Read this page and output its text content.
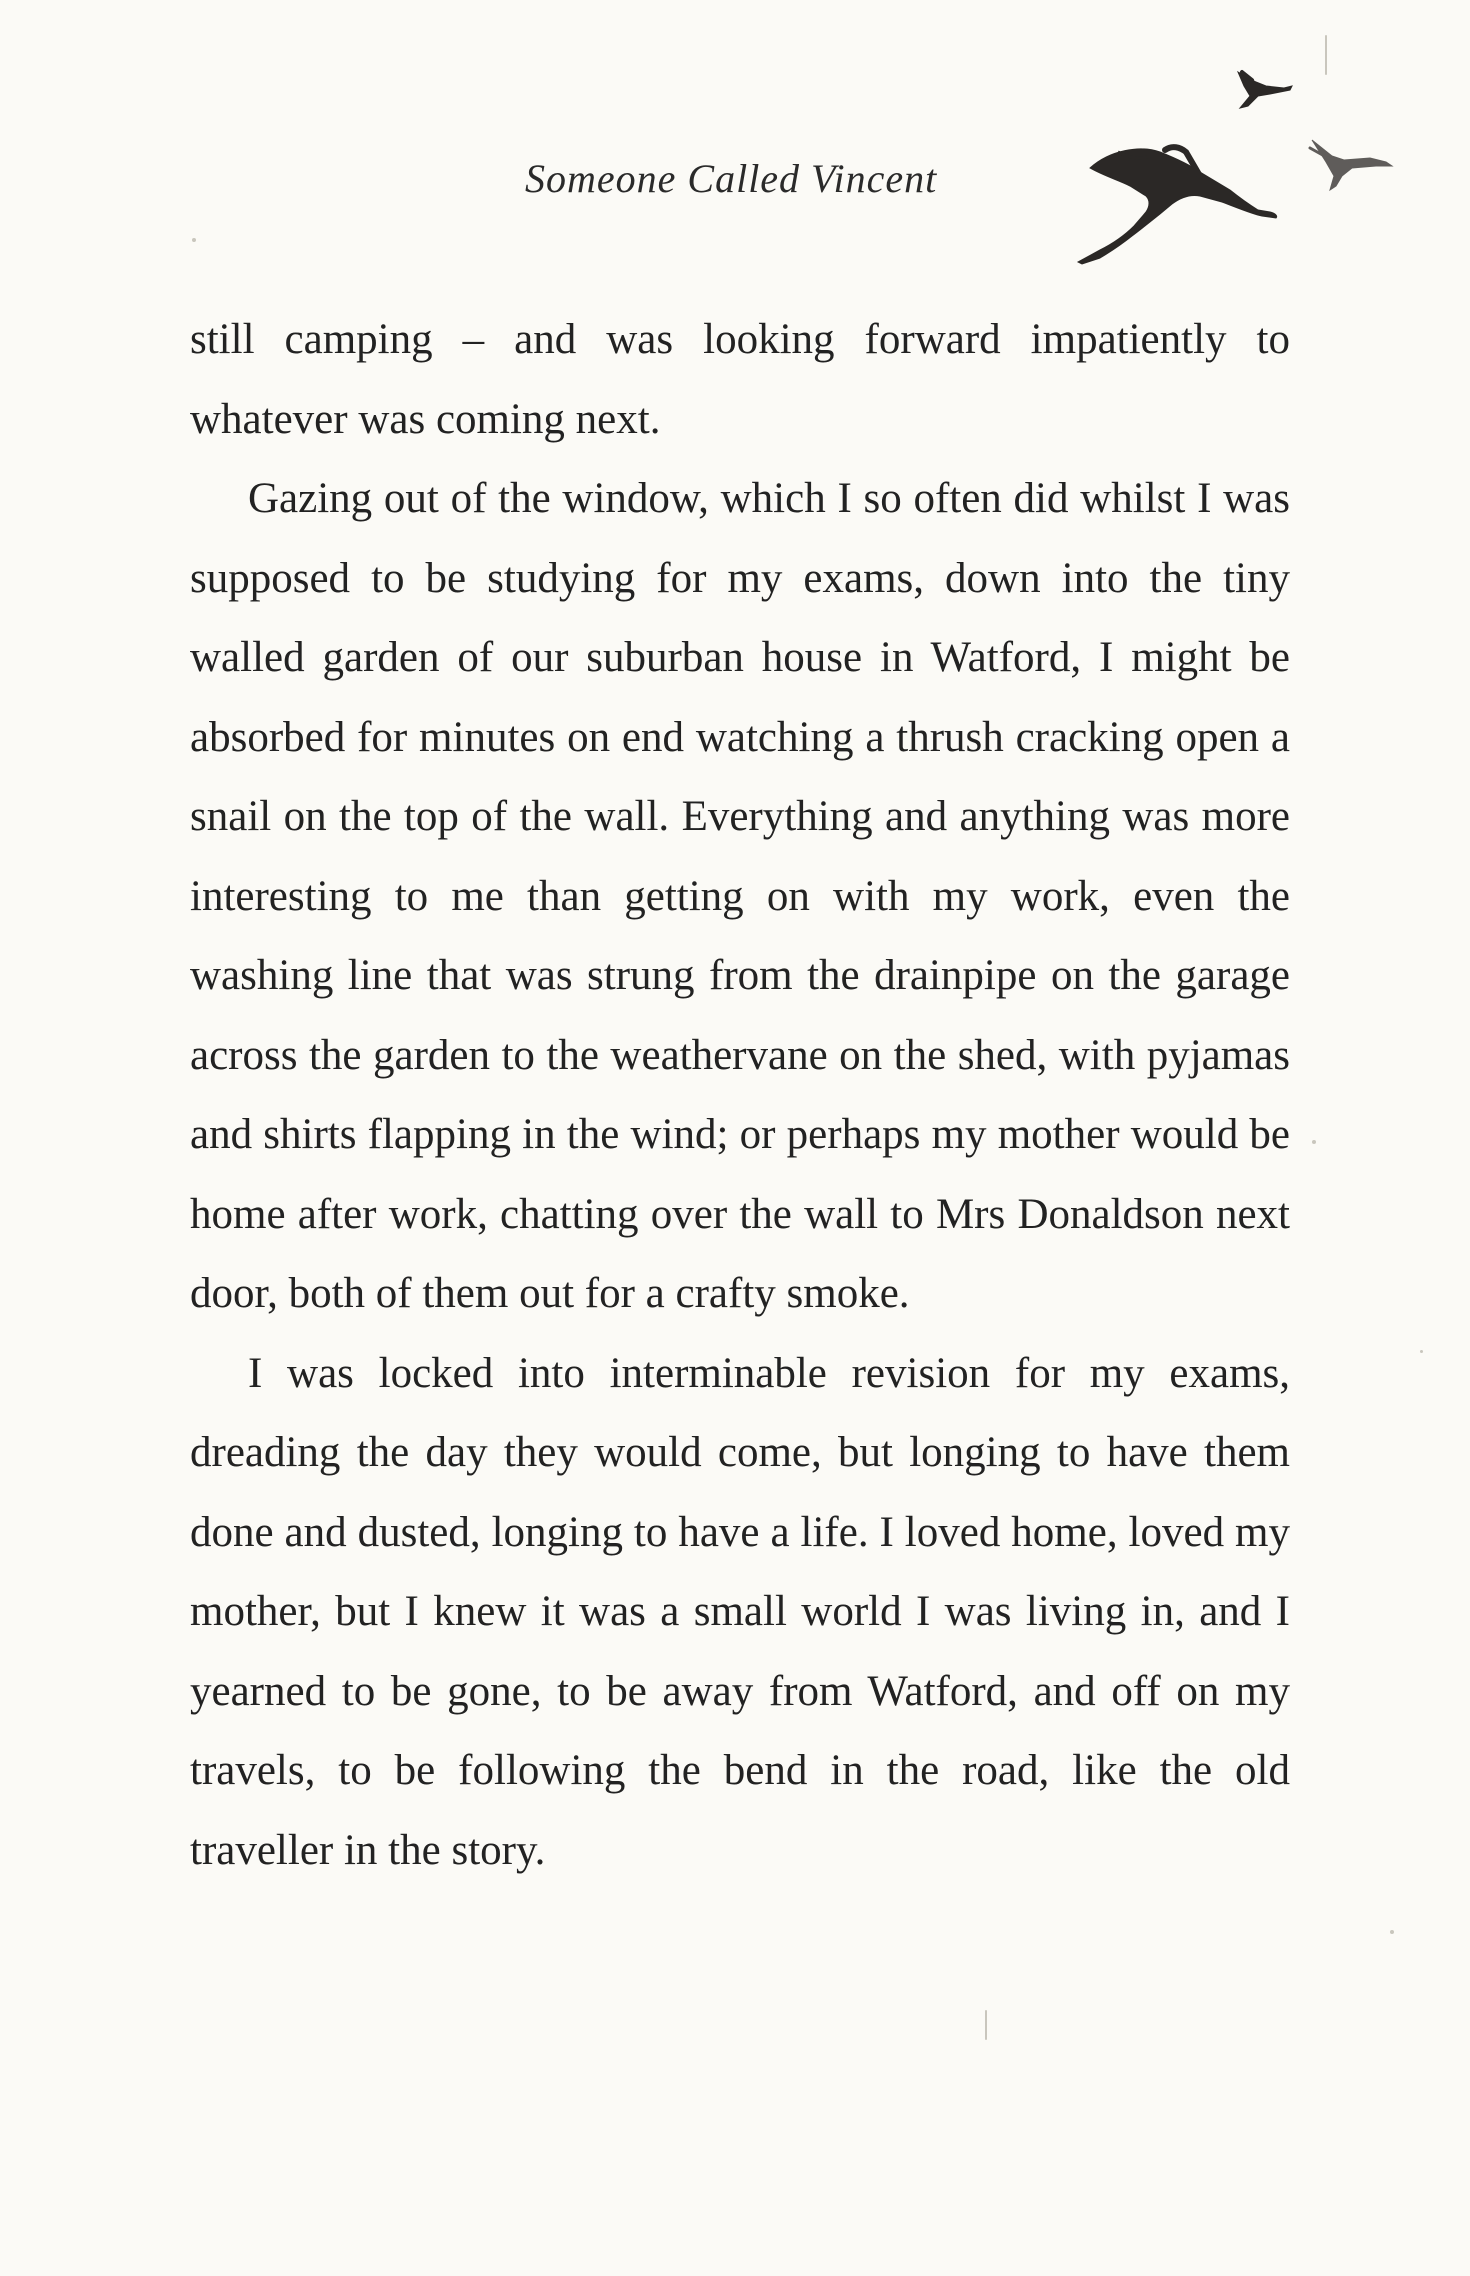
Someone Called Vincent

still camping – and was looking forward impatiently to whatever was coming next.

Gazing out of the window, which I so often did whilst I was supposed to be studying for my exams, down into the tiny walled garden of our suburban house in Watford, I might be absorbed for minutes on end watching a thrush cracking open a snail on the top of the wall. Everything and anything was more interesting to me than getting on with my work, even the washing line that was strung from the drainpipe on the garage across the garden to the weathervane on the shed, with pyjamas and shirts flapping in the wind; or perhaps my mother would be home after work, chatting over the wall to Mrs Donaldson next door, both of them out for a crafty smoke.

I was locked into interminable revision for my exams, dreading the day they would come, but longing to have them done and dusted, longing to have a life. I loved home, loved my mother, but I knew it was a small world I was living in, and I yearned to be gone, to be away from Watford, and off on my travels, to be following the bend in the road, like the old traveller in the story.
